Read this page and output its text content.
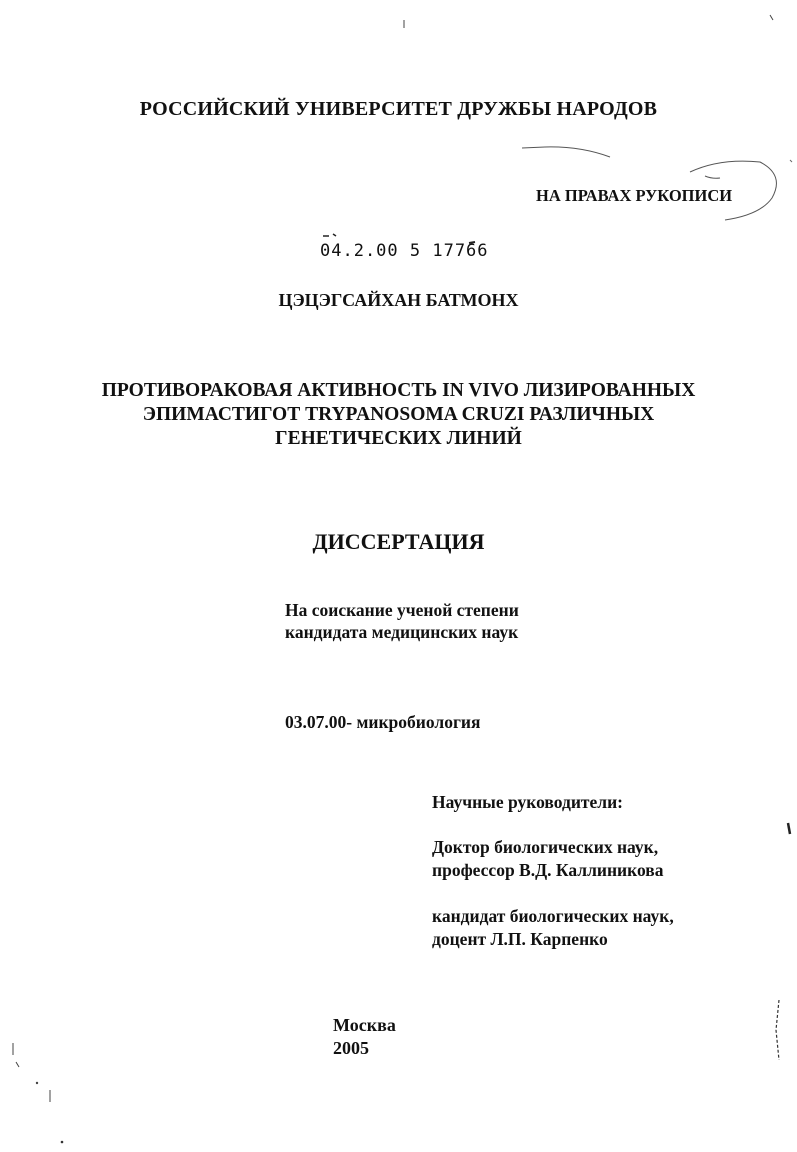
РОССИЙСКИЙ УНИВЕРСИТЕТ ДРУЖБЫ НАРОДОВ
НА ПРАВАХ РУКОПИСИ
04.2.00 5 17766
ЦЭЦЭГСАЙХАН БАТМОНХ
ПРОТИВОРАКОВАЯ АКТИВНОСТЬ IN VIVO ЛИЗИРОВАННЫХ
ЭПИМАСТИГОТ TRYPANOSOMA CRUZI РАЗЛИЧНЫХ
ГЕНЕТИЧЕСКИХ ЛИНИЙ
ДИССЕРТАЦИЯ
На соискание ученой степени
кандидата медицинских наук
03.07.00- микробиология
Научные руководители:
Доктор биологических наук,
профессор В.Д. Каллиникова
кандидат биологических наук,
доцент Л.П. Карпенко
Москва
2005
